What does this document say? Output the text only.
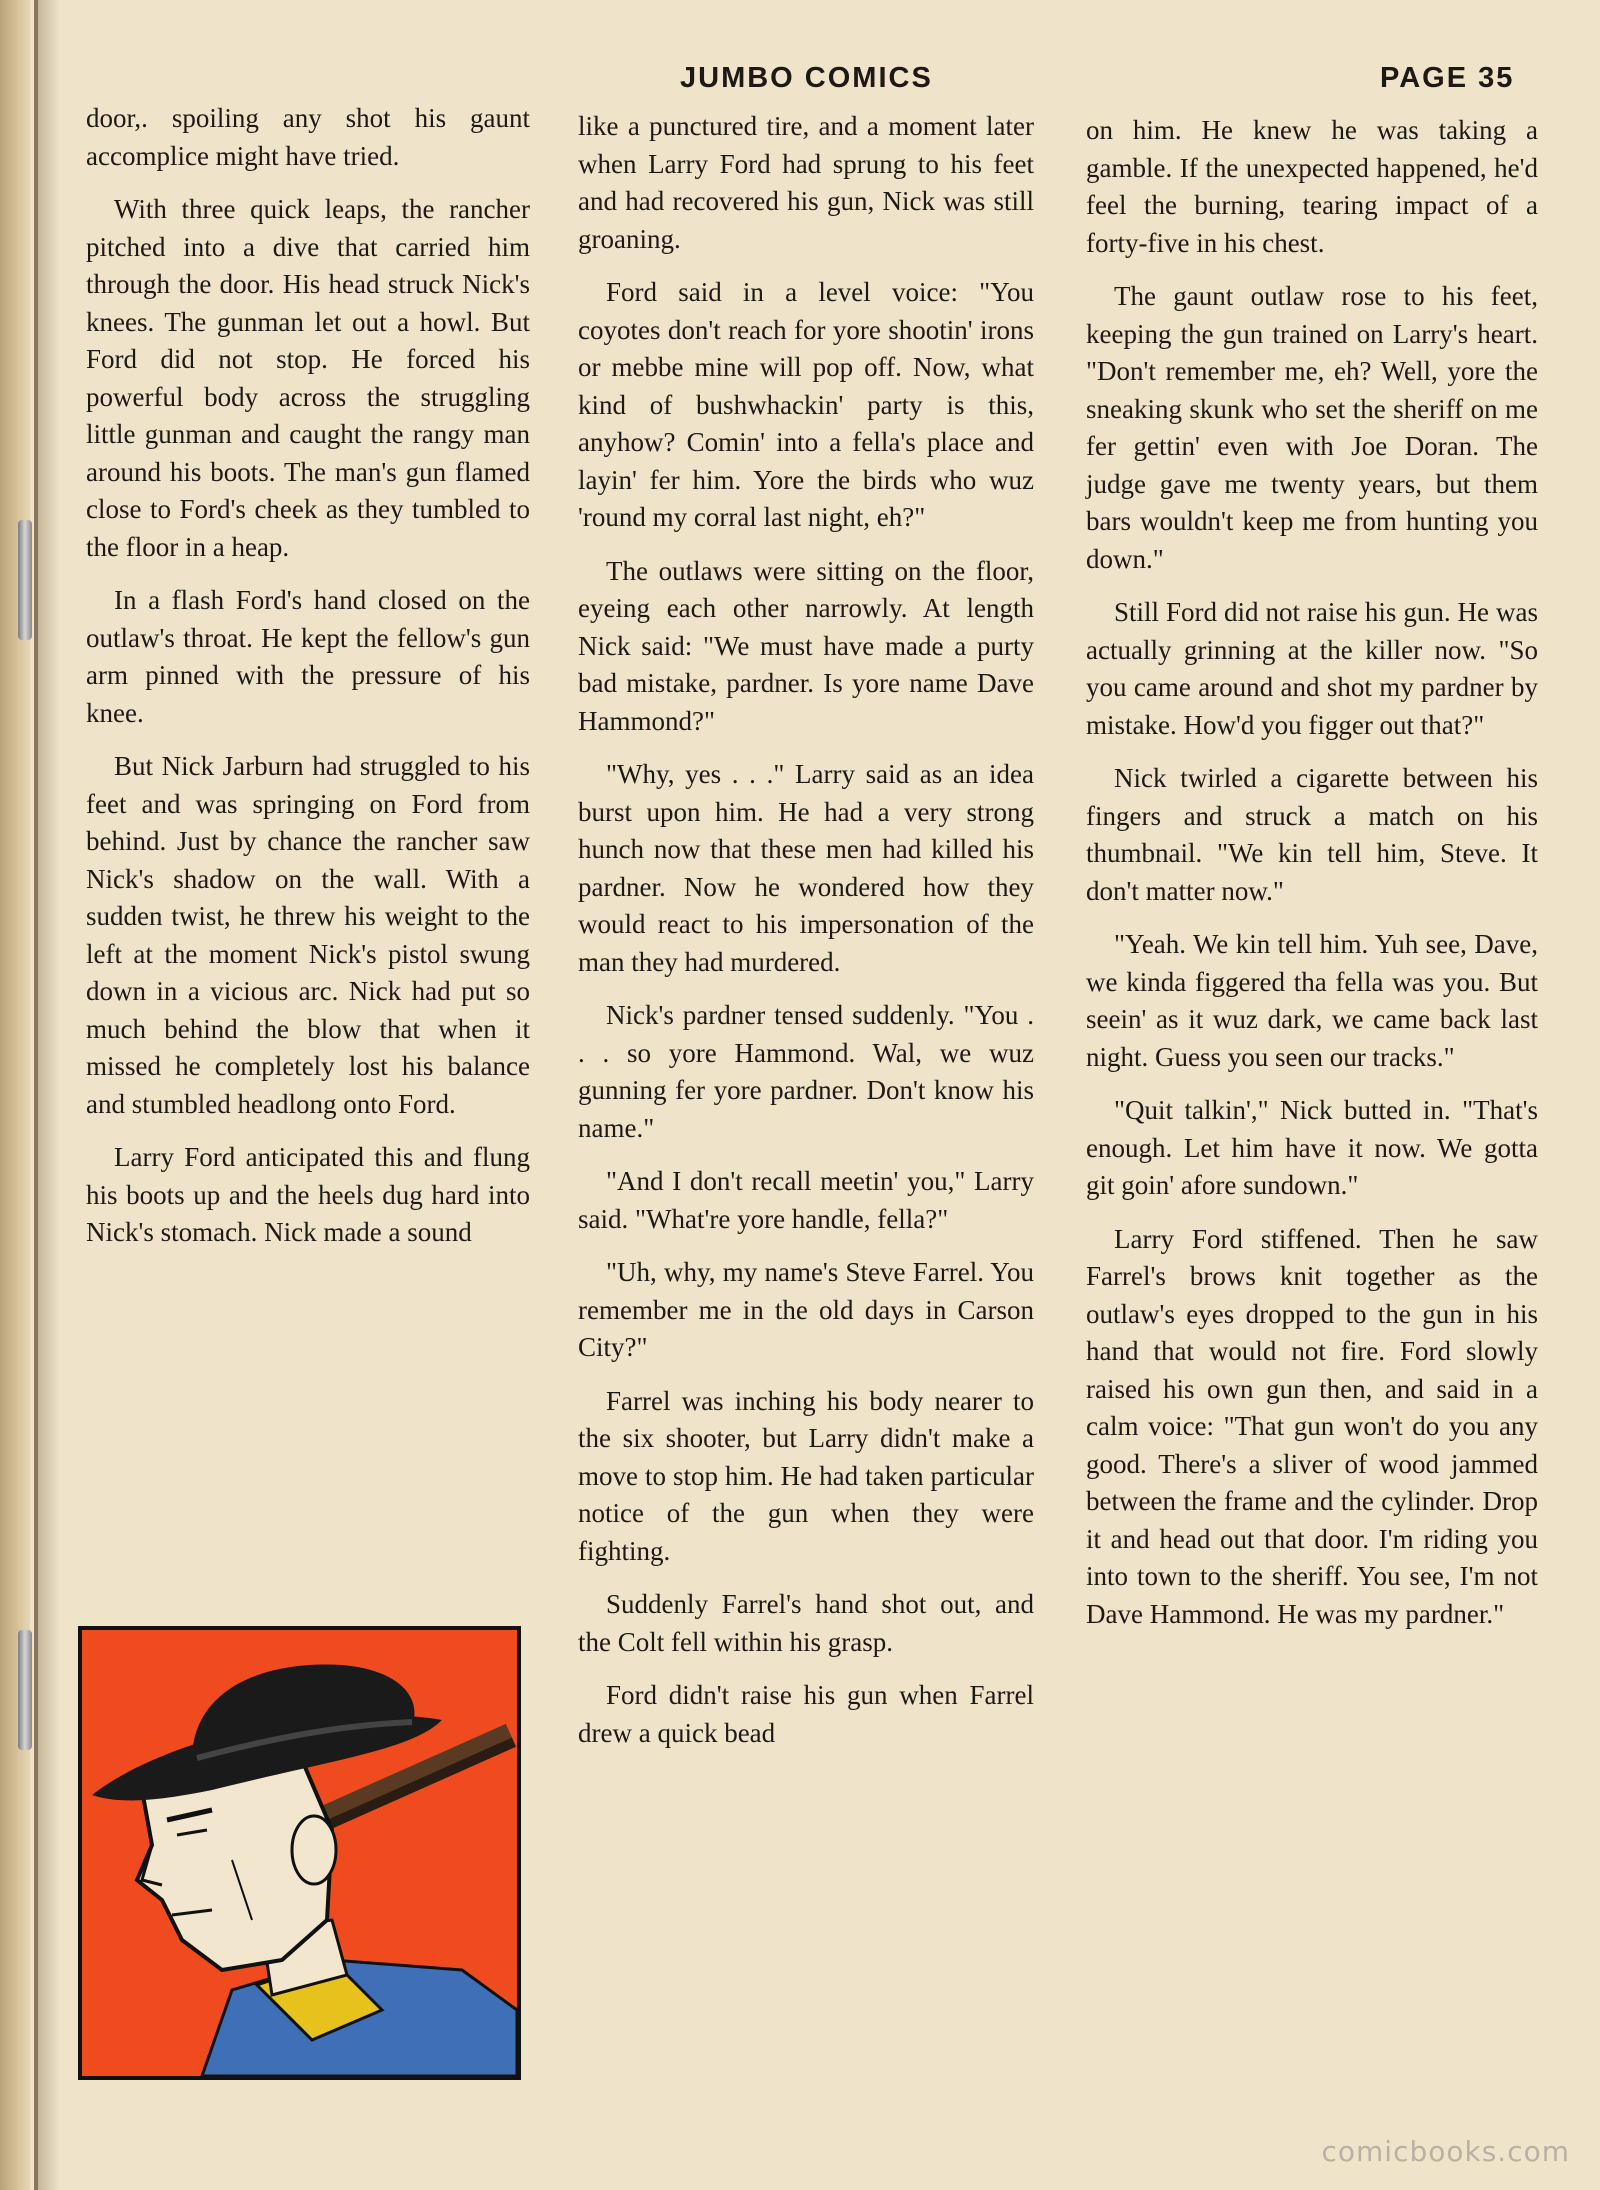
JUMBO COMICS	PAGE 35

door,. spoiling any shot his gaunt accomplice might have tried.

With three quick leaps, the rancher pitched into a dive that carried him through the door. His head struck Nick's knees. The gunman let out a howl. But Ford did not stop. He forced his powerful body across the struggling little gunman and caught the rangy man around his boots. The man's gun flamed close to Ford's cheek as they tumbled to the floor in a heap.

In a flash Ford's hand closed on the outlaw's throat. He kept the fellow's gun arm pinned with the pressure of his knee.

But Nick Jarburn had struggled to his feet and was springing on Ford from behind. Just by chance the rancher saw Nick's shadow on the wall. With a sudden twist, he threw his weight to the left at the moment Nick's pistol swung down in a vicious arc. Nick had put so much behind the blow that when it missed he completely lost his balance and stumbled headlong onto Ford.

Larry Ford anticipated this and flung his boots up and the heels dug hard into Nick's stomach. Nick made a sound

like a punctured tire, and a moment later when Larry Ford had sprung to his feet and had recovered his gun, Nick was still groaning.

Ford said in a level voice: "You coyotes don't reach for yore shootin' irons or mebbe mine will pop off. Now, what kind of bushwhackin' party is this, anyhow? Comin' into a fella's place and layin' fer him. Yore the birds who wuz 'round my corral last night, eh?"

The outlaws were sitting on the floor, eyeing each other narrowly. At length Nick said: "We must have made a purty bad mistake, pardner. Is yore name Dave Hammond?"

"Why, yes . . ." Larry said as an idea burst upon him. He had a very strong hunch now that these men had killed his pardner. Now he wondered how they would react to his impersonation of the man they had murdered.

Nick's pardner tensed suddenly. "You . . . so yore Hammond. Wal, we wuz gunning fer yore pardner. Don't know his name."

"And I don't recall meetin' you," Larry said. "What're yore handle, fella?"

"Uh, why, my name's Steve Farrel. You remember me in the old days in Carson City?"

Farrel was inching his body nearer to the six shooter, but Larry didn't make a move to stop him. He had taken particular notice of the gun when they were fighting.

Suddenly Farrel's hand shot out, and the Colt fell within his grasp.

Ford didn't raise his gun when Farrel drew a quick bead

on him. He knew he was taking a gamble. If the unexpected happened, he'd feel the burning, tearing impact of a forty-five in his chest.

The gaunt outlaw rose to his feet, keeping the gun trained on Larry's heart. "Don't remember me, eh? Well, yore the sneaking skunk who set the sheriff on me fer gettin' even with Joe Doran. The judge gave me twenty years, but them bars wouldn't keep me from hunting you down."

Still Ford did not raise his gun. He was actually grinning at the killer now. "So you came around and shot my pardner by mistake. How'd you figger out that?"

Nick twirled a cigarette between his fingers and struck a match on his thumbnail. "We kin tell him, Steve. It don't matter now."

"Yeah. We kin tell him. Yuh see, Dave, we kinda figgered tha fella was you. But seein' as it wuz dark, we came back last night. Guess you seen our tracks."

"Quit talkin'," Nick butted in. "That's enough. Let him have it now. We gotta git goin' afore sundown."

Larry Ford stiffened. Then he saw Farrel's brows knit together as the outlaw's eyes dropped to the gun in his hand that would not fire. Ford slowly raised his own gun then, and said in a calm voice: "That gun won't do you any good. There's a sliver of wood jammed between the frame and the cylinder. Drop it and head out that door. I'm riding you into town to the sheriff. You see, I'm not Dave Hammond. He was my pardner."

comicbooks.com
